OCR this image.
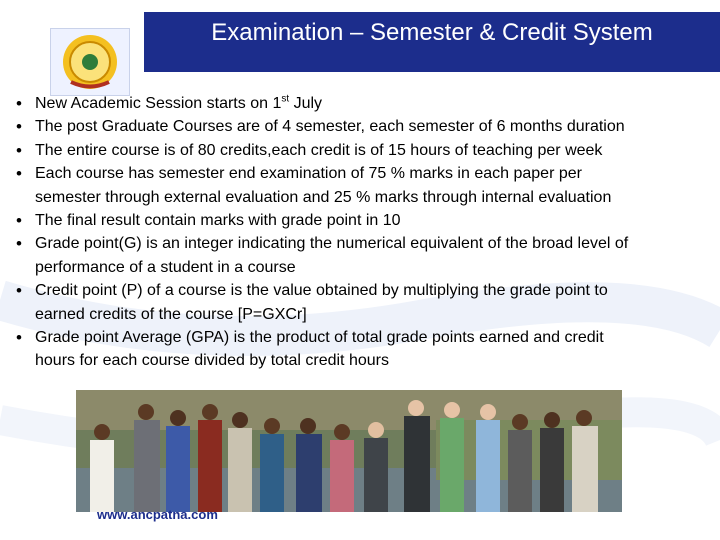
Examination – Semester & Credit System
• New Academic Session starts on 1st July
• The post Graduate Courses are of 4 semester, each semester of 6 months duration
• The entire course is of 80 credits,each credit is of 15 hours of teaching per week
• Each course has semester end examination of 75 % marks in each paper per
semester through external evaluation and 25 % marks through internal evaluation
• The final result contain marks with grade point in 10
• Grade point(G) is an integer indicating the numerical equivalent of the broad level of
performance of a student in a course
• Credit point (P) of a course is the value obtained by multiplying the grade point to
earned credits of the course [P=GXCr]
• Grade point Average (GPA) is the product of total grade points earned and credit
hours for each course divided by total credit hours
www.ancpatna.com
